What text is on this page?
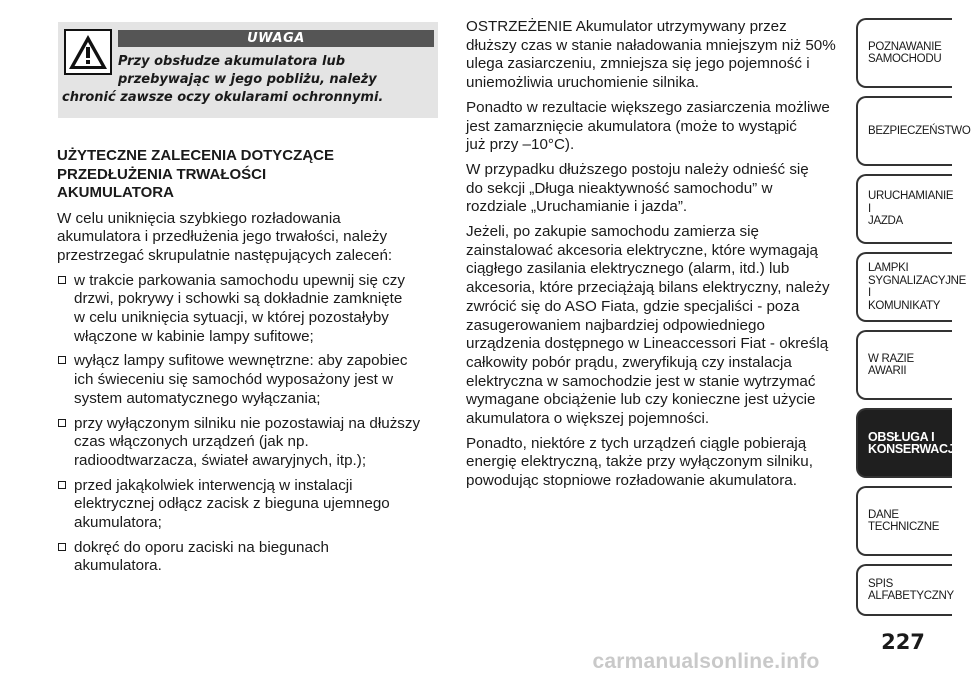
UWAGA
Przy obsłudze akumulatora lub
przebywając w jego pobliżu, należy
chronić zawsze oczy okularami ochronnymi.
UŻYTECZNE ZALECENIA DOTYCZĄCE
PRZEDŁUŻENIA TRWAŁOŚCI
AKUMULATORA
W celu uniknięcia szybkiego rozładowania
akumulatora i przedłużenia jego trwałości, należy
przestrzegać skrupulatnie następujących zaleceń:
w trakcie parkowania samochodu upewnij się czy
drzwi, pokrywy i schowki są dokładnie zamknięte
w celu uniknięcia sytuacji, w której pozostałyby
włączone w kabinie lampy sufitowe;
wyłącz lampy sufitowe wewnętrzne: aby zapobiec
ich świeceniu się samochód wyposażony jest w
system automatycznego wyłączania;
przy wyłączonym silniku nie pozostawiaj na dłuższy
czas włączonych urządzeń (jak np.
radioodtwarzacza, świateł awaryjnych, itp.);
przed jakąkolwiek interwencją w instalacji
elektrycznej odłącz zacisk z bieguna ujemnego
akumulatora;
dokręć do oporu zaciski na biegunach
akumulatora.
OSTRZEŻENIE Akumulator utrzymywany przez
dłuższy czas w stanie naładowania mniejszym niż 50%
ulega zasiarczeniu, zmniejsza się jego pojemność i
uniemożliwia uruchomienie silnika.
Ponadto w rezultacie większego zasiarczenia możliwe
jest zamarznięcie akumulatora (może to wystąpić
już przy –10°C).
W przypadku dłuższego postoju należy odnieść się
do sekcji „Długa nieaktywność samochodu” w
rozdziale „Uruchamianie i jazda”.
Jeżeli, po zakupie samochodu zamierza się
zainstalować akcesoria elektryczne, które wymagają
ciągłego zasilania elektrycznego (alarm, itd.) lub
akcesoria, które przeciążają bilans elektryczny, należy
zwrócić się do ASO Fiata, gdzie specjaliści - poza
zasugerowaniem najbardziej odpowiedniego
urządzenia dostępnego w Lineaccessori Fiat - określą
całkowity pobór prądu, zweryfikują czy instalacja
elektryczna w samochodzie jest w stanie wytrzymać
wymagane obciążenie lub czy konieczne jest użycie
akumulatora o większej pojemności.
Ponadto, niektóre z tych urządzeń ciągle pobierają
energię elektryczną, także przy wyłączonym silniku,
powodując stopniowe rozładowanie akumulatora.
POZNAWANIE
SAMOCHODU
BEZPIECZEŃSTWO
URUCHAMIANIE I
JAZDA
LAMPKI
SYGNALIZACYJNE I
KOMUNIKATY
W RAZIE AWARII
OBSŁUGA I
KONSERWACJA
DANE TECHNICZNE
SPIS ALFABETYCZNY
227
carmanualsonline.info
